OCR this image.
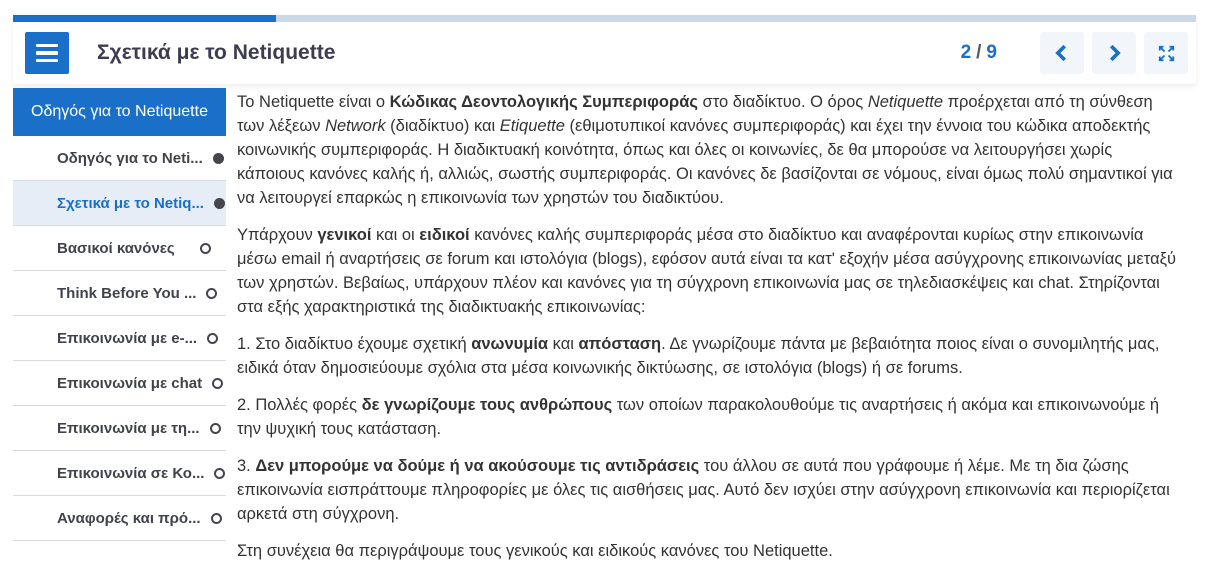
Σχετικά με το Netiquette	2 / 9
Οδηγός για το Netiquette
Οδηγός για το Neti...
Σχετικά με το Netiq...
Βασικοί κανόνες
Think Before You ...
Επικοινωνία με e-...
Επικοινωνία με chat
Επικοινωνία με τη...
Επικοινωνία σε Κο...
Αναφορές και πρό...

Το Netiquette είναι ο Κώδικας Δεοντολογικής Συμπεριφοράς στο διαδίκτυο. Ο όρος Netiquette προέρχεται από τη σύνθεση των λέξεων Network (διαδίκτυο) και Etiquette (εθιμοτυπικοί κανόνες συμπεριφοράς) και έχει την έννοια του κώδικα αποδεκτής κοινωνικής συμπεριφοράς. Η διαδικτυακή κοινότητα, όπως και όλες οι κοινωνίες, δε θα μπορούσε να λειτουργήσει χωρίς κάποιους κανόνες καλής ή, αλλιώς, σωστής συμπεριφοράς. Οι κανόνες δε βασίζονται σε νόμους, είναι όμως πολύ σημαντικοί για να λειτουργεί επαρκώς η επικοινωνία των χρηστών του διαδικτύου.

Υπάρχουν γενικοί και οι ειδικοί κανόνες καλής συμπεριφοράς μέσα στο διαδίκτυο και αναφέρονται κυρίως στην επικοινωνία μέσω email ή αναρτήσεις σε forum και ιστολόγια (blogs), εφόσον αυτά είναι τα κατ' εξοχήν μέσα ασύγχρονης επικοινωνίας μεταξύ των χρηστών. Βεβαίως, υπάρχουν πλέον και κανόνες για τη σύγχρονη επικοινωνία μας σε τηλεδιασκέψεις και chat. Στηρίζονται στα εξής χαρακτηριστικά της διαδικτυακής επικοινωνίας:

1. Στο διαδίκτυο έχουμε σχετική ανωνυμία και απόσταση. Δε γνωρίζουμε πάντα με βεβαιότητα ποιος είναι ο συνομιλητής μας, ειδικά όταν δημοσιεύουμε σχόλια στα μέσα κοινωνικής δικτύωσης, σε ιστολόγια (blogs) ή σε forums.

2. Πολλές φορές δε γνωρίζουμε τους ανθρώπους των οποίων παρακολουθούμε τις αναρτήσεις ή ακόμα και επικοινωνούμε ή την ψυχική τους κατάσταση.

3. Δεν μπορούμε να δούμε ή να ακούσουμε τις αντιδράσεις του άλλου σε αυτά που γράφουμε ή λέμε. Με τη δια ζώσης επικοινωνία εισπράττουμε πληροφορίες με όλες τις αισθήσεις μας. Αυτό δεν ισχύει στην ασύγχρονη επικοινωνία και περιορίζεται αρκετά στη σύγχρονη.

Στη συνέχεια θα περιγράψουμε τους γενικούς και ειδικούς κανόνες του Netiquette.
